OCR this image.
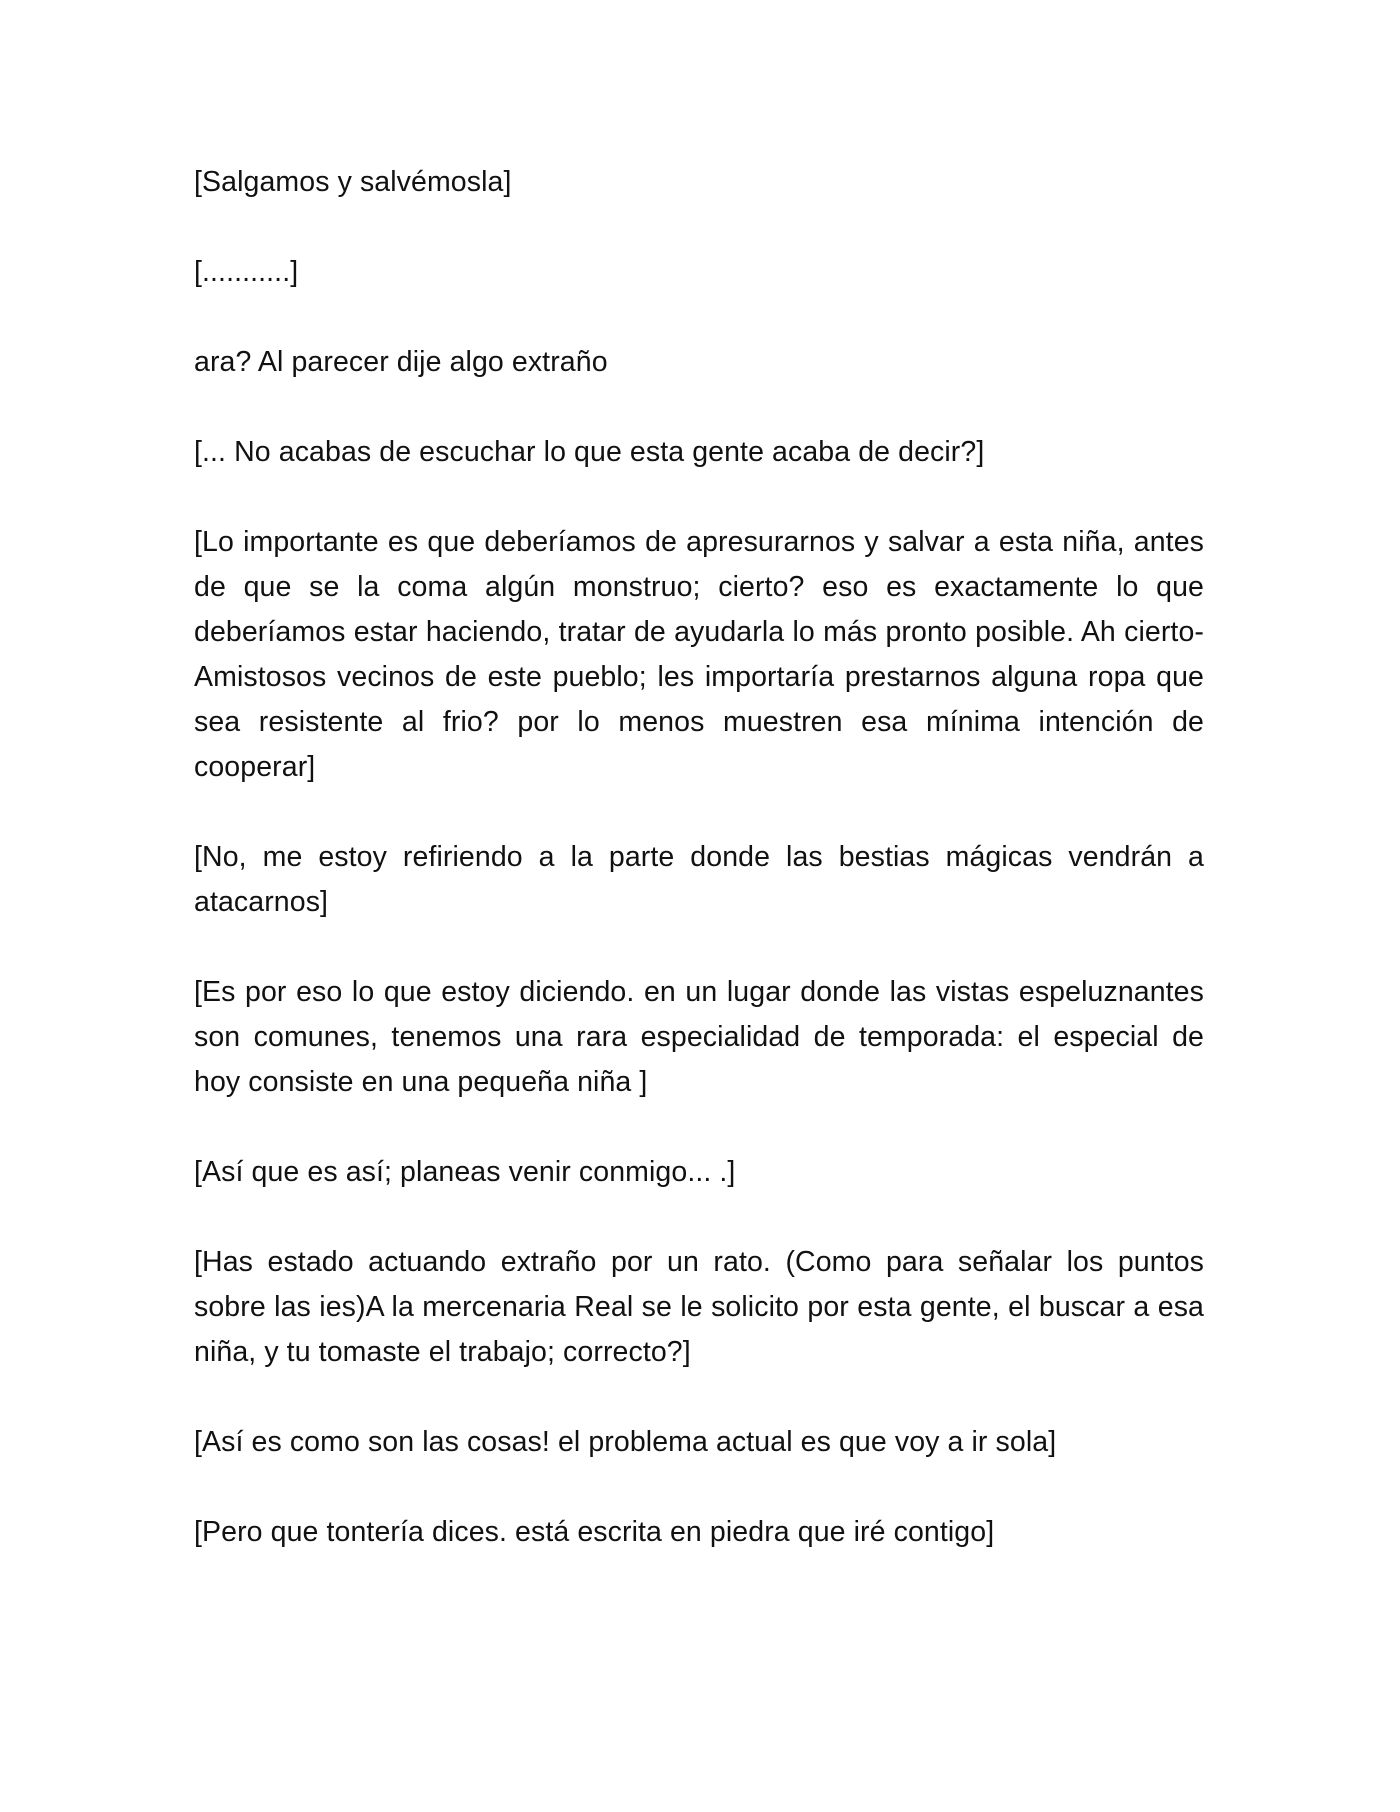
[Salgamos y salvémosla]

[...........]

ara? Al parecer dije algo extraño

[... No acabas de escuchar lo que esta gente acaba de decir?]

[Lo importante es que deberíamos de apresurarnos y salvar a esta niña, antes de que se la coma algún monstruo; cierto? eso es exactamente lo que deberíamos estar haciendo, tratar de ayudarla lo más pronto posible. Ah cierto- Amistosos vecinos de este pueblo; les importaría prestarnos alguna ropa que sea resistente al frio? por lo menos muestren esa mínima intención de cooperar]

[No, me estoy refiriendo a la parte donde las bestias mágicas vendrán a atacarnos]

[Es por eso lo que estoy diciendo. en un lugar donde las vistas espeluznantes son comunes, tenemos una rara especialidad de temporada: el especial de hoy consiste en una pequeña niña ]

[Así que es así; planeas venir conmigo... .]

[Has estado actuando extraño por un rato. (Como para señalar los puntos sobre las ies)A la mercenaria Real se le solicito por esta gente, el buscar a esa niña, y tu tomaste el trabajo; correcto?]

[Así es como son las cosas! el problema actual es que voy a ir sola]

[Pero que tontería dices. está escrita en piedra que iré contigo]
